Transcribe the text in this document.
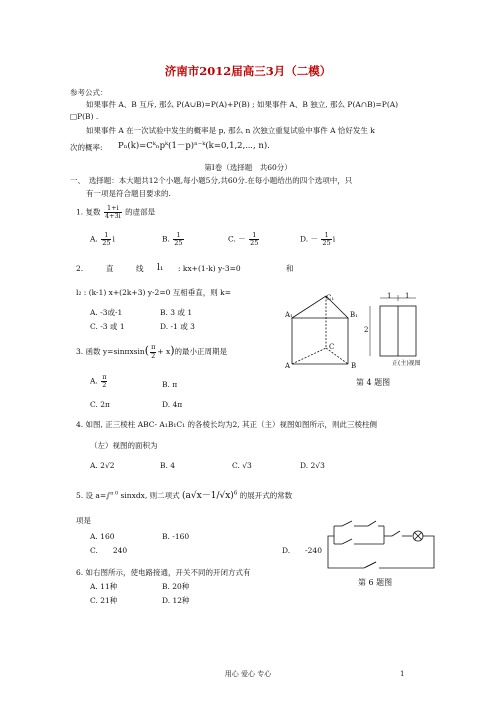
济南市2012届高三3月（二模）
参考公式：
如果事件 A、B 互斥, 那么 P(A∪B)=P(A)+P(B) ; 如果事件 A、B 独立, 那么 P(A∩B)=P(A)
□P(B) .
如果事件 A 在一次试验中发生的概率是 p, 那么 n 次独立重复试验中事件 A 恰好发生 k
次的概率: Pₙ(k)=Cᵏₙpᵏ(1－p)ⁿ⁻ᵏ(k=0,1,2,⋯, n).
第Ⅰ卷（选择题　共60分）
一、　选择题：本大题共12个小题,每小题5分,共60分.在每小题给出的四个选项中，只
有一项是符合题目要求的.
1. 复数 $\frac{1+i}{4+3i}$ 的虚部是
A. $\frac{1}{25}$ i	B. $\frac{1}{25}$	C. － $\frac{1}{25}$	D. － $\frac{1}{25}$ i
2.	直	线 l₁ : kx+(1-k) y-3=0	和
l₂ : (k-1) x+(2k+3) y-2=0 互相垂直，则 k=
A. -3或-1	B. 3 或 1
C. -3 或 1	D. -1 或 3
C₁
A₁	B₁
C
A	B
1 1
2
正(主)视图
第 4 题图
3. 函数 $y=\sin\pi xsin( \frac{\pi}{2} + x)$的最小正周期是
A. $\frac{\pi}{2}$	B. π
C. 2π	D. 4π
4. 如图, 正三棱柱 ABC- A₁B₁C₁ 的各棱长均为2, 其正（主）视图如图所示，则此三棱柱侧
（左）视图的面积为
A. 2√2	B. 4	C. √3	D. 2√3
5. 设 a=∫$^{\pi 0}$ sinxdx, 则二项式 $(a√x-1/√x)^6$ 的展开式的常数
项是
A. 160	B. -160
C.　　240	D.　　-240
第 6 题图
6. 如右图所示，使电路接通，开关不同的开闭方式有
A. 11种	B. 20种
C. 21种	D. 12种
用心 爱心 专心	1
